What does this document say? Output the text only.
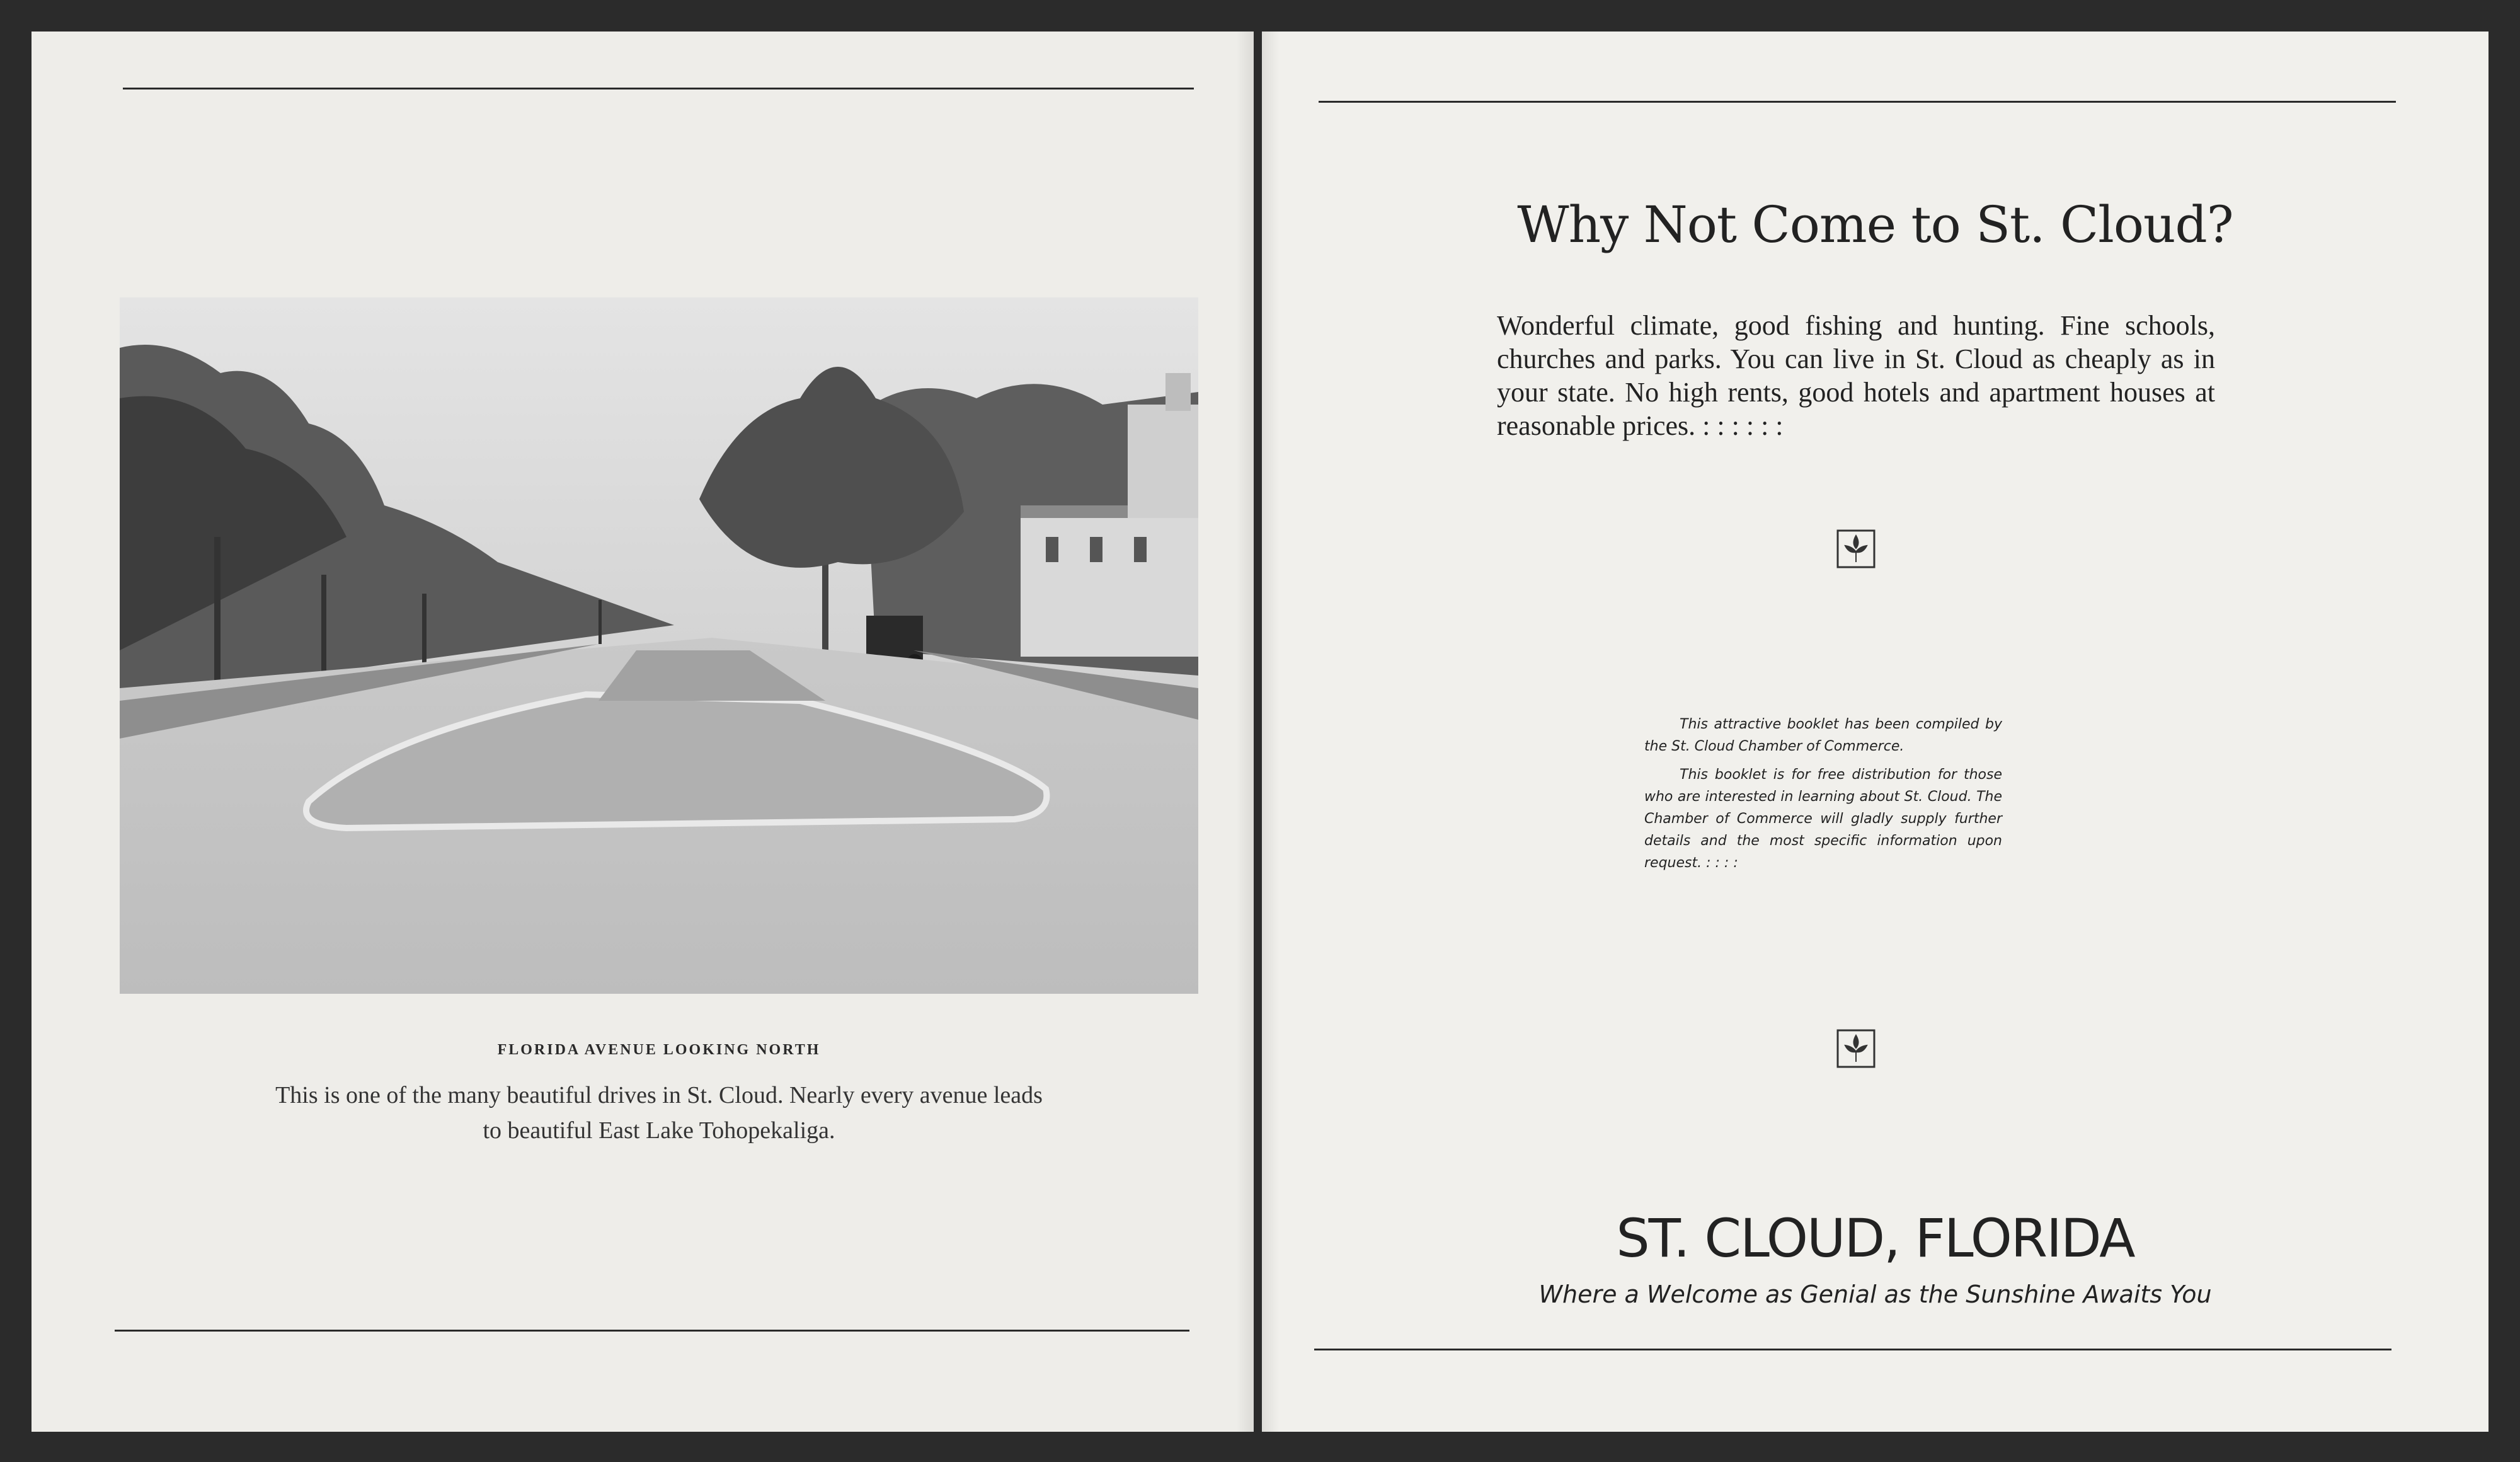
FLORIDA AVENUE LOOKING NORTH
This is one of the many beautiful drives in St. Cloud. Nearly every avenue leads to beautiful East Lake Tohopekaliga.
Why Not Come to St. Cloud?
Wonderful climate, good fishing and hunting. Fine schools, churches and parks. You can live in St. Cloud as cheaply as in your state. No high rents, good hotels and apartment houses at reasonable prices. : : : : : :

This attractive booklet has been compiled by the St. Cloud Chamber of Commerce.

This booklet is for free distribution for those who are interested in learning about St. Cloud. The Chamber of Commerce will gladly supply further details and the most specific information upon request. : : : :

ST. CLOUD, FLORIDA
Where a Welcome as Genial as the Sunshine Awaits You
